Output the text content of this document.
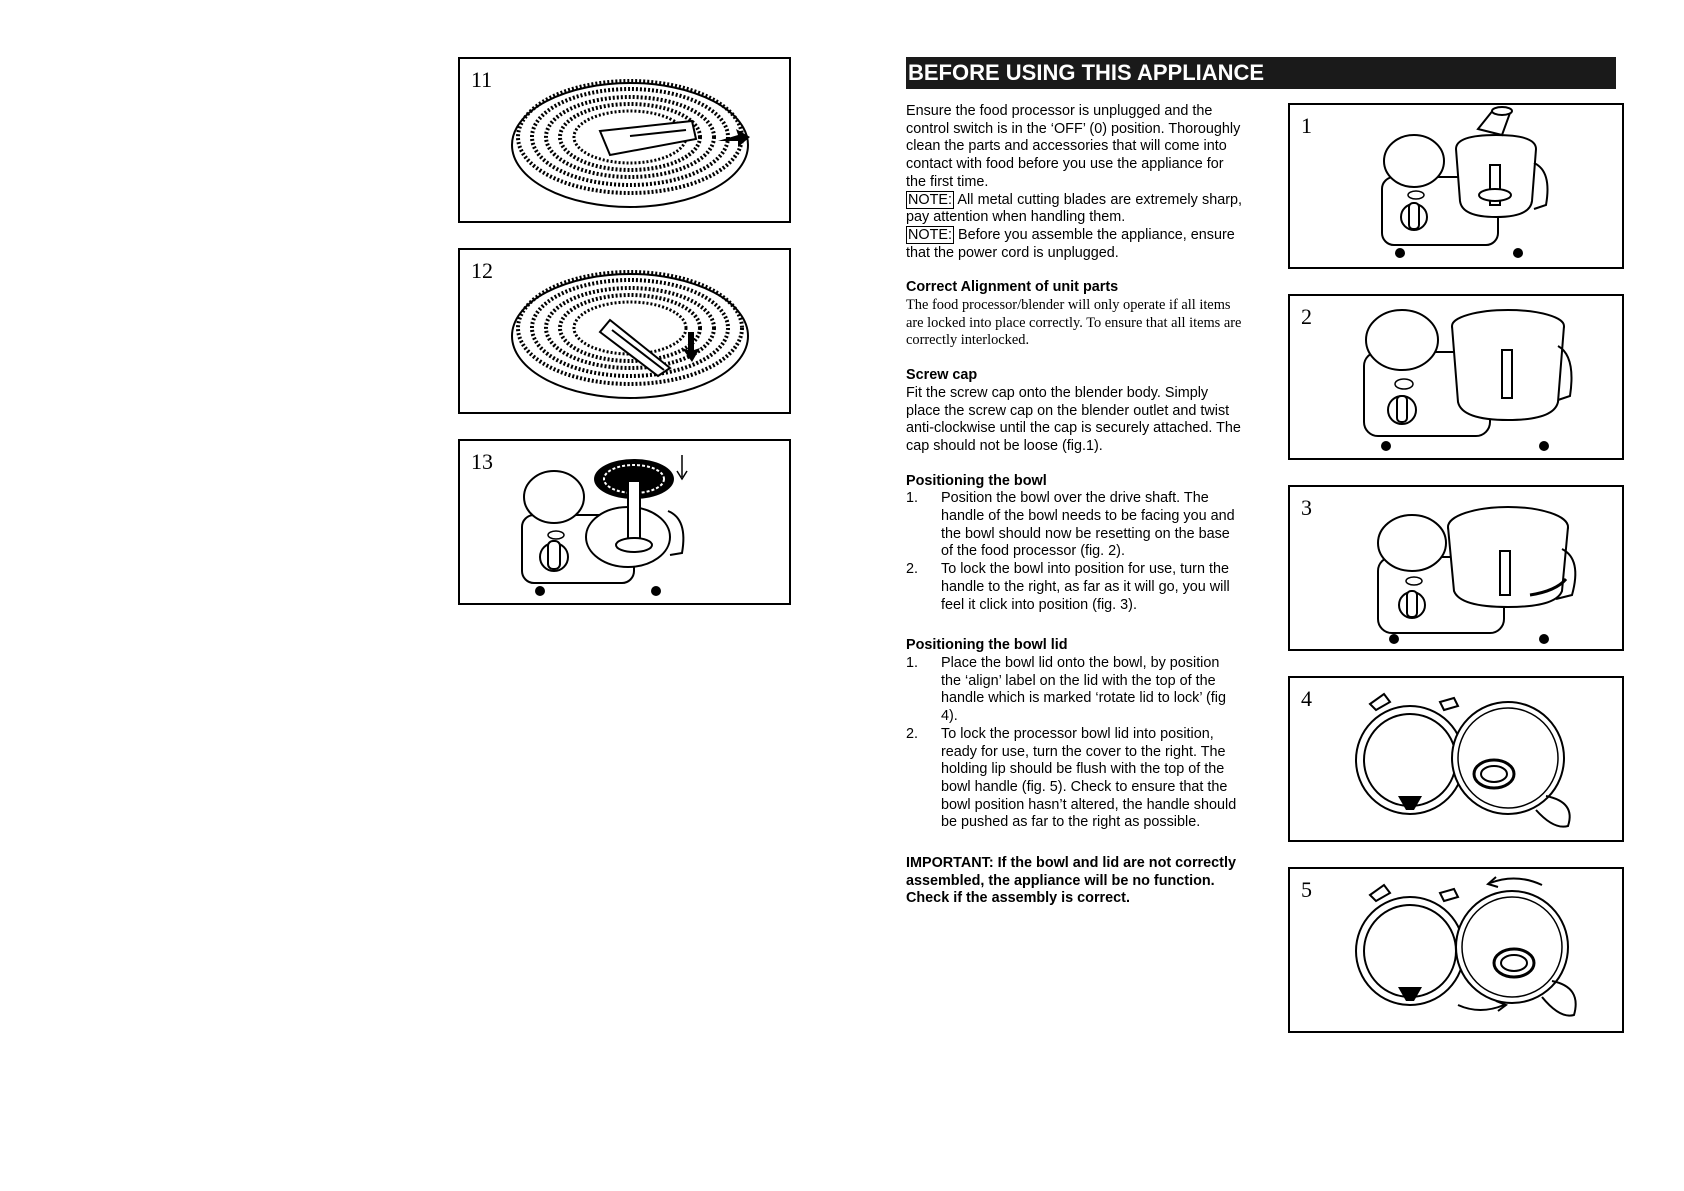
11
12
13
BEFORE USING THIS APPLIANCE

Ensure the food processor is unplugged and the control switch is in the ‘OFF’ (0) position. Thoroughly clean the parts and accessories that will come into contact with food before you use the appliance for the first time.

NOTE: All metal cutting blades are extremely sharp, pay attention when handling them.

NOTE: Before you assemble the appliance, ensure that the power cord is unplugged.

Correct Alignment of unit parts

The food processor/blender will only operate if all items are locked into place correctly. To ensure that all items are correctly interlocked.

Screw cap

Fit the screw cap onto the blender body. Simply place the screw cap on the blender outlet and twist anti-clockwise until the cap is securely attached. The cap should not be loose (fig.1).

Positioning the bowl

1.	Position the bowl over the drive shaft. The handle of the bowl needs to be facing you and the bowl should now be resetting on the base of the food processor (fig. 2).
2.	To lock the bowl into position for use, turn the handle to the right, as far as it will go, you will feel it click into position (fig. 3).

Positioning the bowl lid

1.	Place the bowl lid onto the bowl, by position the ‘align’ label on the lid with the top of the handle which is marked ‘rotate lid to lock’ (fig 4).
2.	To lock the processor bowl lid into position, ready for use, turn the cover to the right. The holding lip should be flush with the top of the bowl handle (fig. 5). Check to ensure that the bowl position hasn’t altered, the handle should be pushed as far to the right as possible.

IMPORTANT: If the bowl and lid are not correctly assembled, the appliance will be no function. Check if the assembly is correct.

1
2
3
4
5
